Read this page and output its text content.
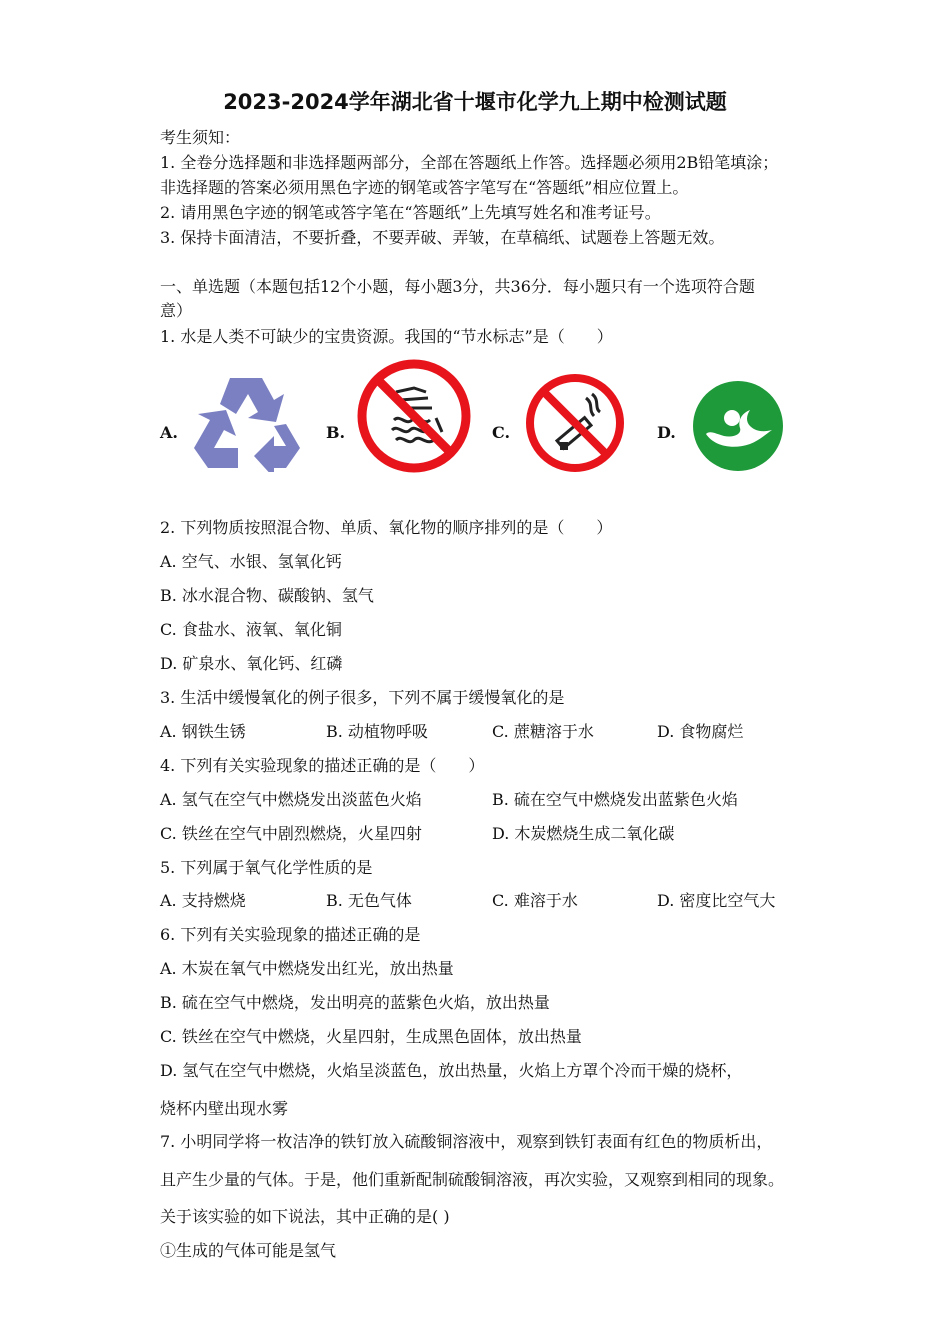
2023-2024学年湖北省十堰市化学九上期中检测试题
考生须知：
1. 全卷分选择题和非选择题两部分，全部在答题纸上作答。选择题必须用2B铅笔填涂；
非选择题的答案必须用黑色字迹的钢笔或答字笔写在“答题纸”相应位置上。
2. 请用黑色字迹的钢笔或答字笔在“答题纸”上先填写姓名和准考证号。
3. 保持卡面清洁，不要折叠，不要弄破、弄皱，在草稿纸、试题卷上答题无效。
一、单选题（本题包括12个小题，每小题3分，共36分．每小题只有一个选项符合题
意）
1. 水是人类不可缺少的宝贵资源。我国的“节水标志”是（　　）
A.	B.	C.	D.
2. 下列物质按照混合物、单质、氧化物的顺序排列的是（　　）
A. 空气、水银、氢氧化钙
B. 冰水混合物、碳酸钠、氢气
C. 食盐水、液氧、氧化铜
D. 矿泉水、氧化钙、红磷
3. 生活中缓慢氧化的例子很多，下列不属于缓慢氧化的是
A. 钢铁生锈	B. 动植物呼吸	C. 蔗糖溶于水	D. 食物腐烂
4. 下列有关实验现象的描述正确的是（　　）
A. 氢气在空气中燃烧发出淡蓝色火焰	B. 硫在空气中燃烧发出蓝紫色火焰
C. 铁丝在空气中剧烈燃烧，火星四射	D. 木炭燃烧生成二氧化碳
5. 下列属于氧气化学性质的是
A. 支持燃烧	B. 无色气体	C. 难溶于水	D. 密度比空气大
6. 下列有关实验现象的描述正确的是
A. 木炭在氧气中燃烧发出红光，放出热量
B. 硫在空气中燃烧，发出明亮的蓝紫色火焰，放出热量
C. 铁丝在空气中燃烧，火星四射，生成黑色固体，放出热量
D. 氢气在空气中燃烧，火焰呈淡蓝色，放出热量，火焰上方罩个冷而干燥的烧杯，
烧杯内壁出现水雾
7. 小明同学将一枚洁净的铁钉放入硫酸铜溶液中，观察到铁钉表面有红色的物质析出，
且产生少量的气体。于是，他们重新配制硫酸铜溶液，再次实验，又观察到相同的现象。
关于该实验的如下说法，其中正确的是( )
①生成的气体可能是氢气
